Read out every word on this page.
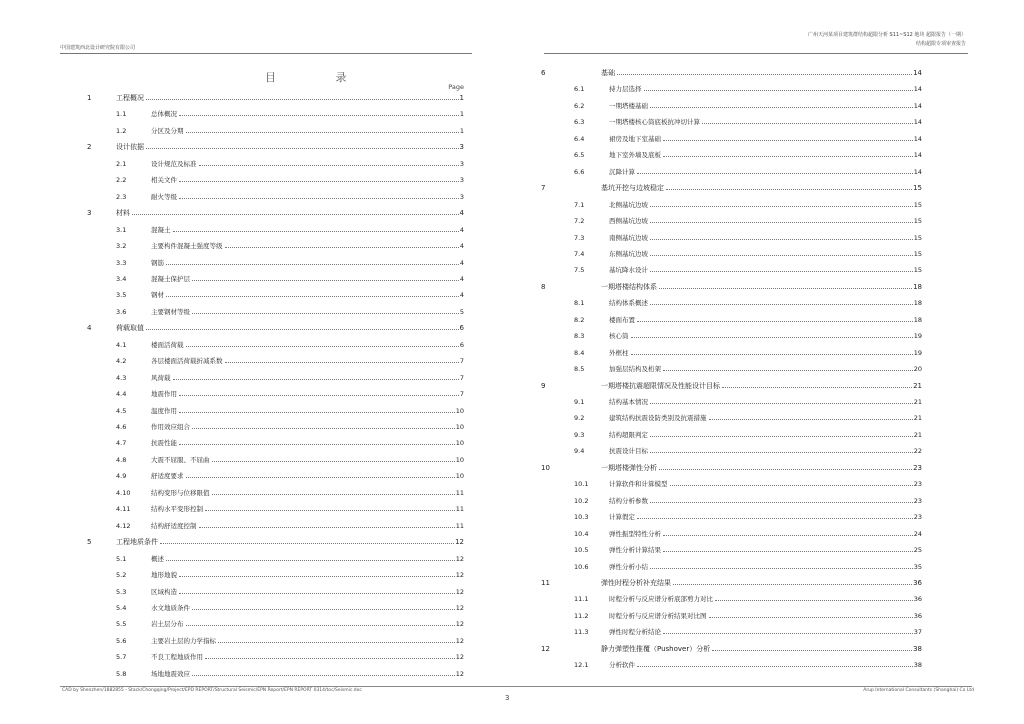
中国建筑西北设计研究院有限公司
广州天河某项目建筑群结构超限分析 S11~S12 地块 超限报告（一期）
结构超限专项审查报告
目 录
Page
1	工程概况	1
1.1	总体概况	1
1.2	分区及分期	1
2	设计依据	3
2.1	设计规范及标准	3
2.2	相关文件	3
2.3	耐火等级	3
3	材料	4
3.1	混凝土	4
3.2	主要构件混凝土强度等级	4
3.3	钢筋	4
3.4	混凝土保护层	4
3.5	钢材	4
3.6	主要钢材等级	5
4	荷载取值	6
4.1	楼面活荷载	6
4.2	各层楼面活荷载折减系数	7
4.3	风荷载	7
4.4	地震作用	7
4.5	温度作用	10
4.6	作用效应组合	10
4.7	抗震性能	10
4.8	大震不屈服、不屈曲	10
4.9	舒适度要求	10
4.10	结构变形与位移限值	11
4.11	结构水平变形控制	11
4.12	结构舒适度控制	11
5	工程地质条件	12
5.1	概述	12
5.2	地形地貌	12
5.3	区域构造	12
5.4	水文地质条件	12
5.5	岩土层分布	12
5.6	主要岩土层的力学指标	12
5.7	不良工程地质作用	12
5.8	场地地震效应	12
6	基础	14
6.1	持力层选择	14
6.2	一期塔楼基础	14
6.3	一期塔楼核心筒底板抗冲切计算	14
6.4	裙房及地下室基础	14
6.5	地下室外墙及底板	14
6.6	沉降计算	14
7	基坑开挖与边坡稳定	15
7.1	北侧基坑边坡	15
7.2	西侧基坑边坡	15
7.3	南侧基坑边坡	15
7.4	东侧基坑边坡	15
7.5	基坑降水设计	15
8	一期塔楼结构体系	18
8.1	结构体系概述	18
8.2	楼面布置	18
8.3	核心筒	19
8.4	外框柱	19
8.5	加强层结构及桁架	20
9	一期塔楼抗震超限情况及性能设计目标	21
9.1	结构基本情况	21
9.2	建筑结构抗震设防类别及抗震措施	21
9.3	结构超限判定	21
9.4	抗震设计目标	22
10	一期塔楼弹性分析	23
10.1	计算软件和计算模型	23
10.2	结构分析参数	23
10.3	计算假定	23
10.4	弹性振型特性分析	24
10.5	弹性分析计算结果	25
10.6	弹性分析小结	35
11	弹性时程分析补充结果	36
11.1	时程分析与反应谱分析底部剪力对比	36
11.2	时程分析与反应谱分析结果对比图	36
11.3	弹性时程分析结论	37
12	静力弹塑性推覆（Pushover）分析	38
12.1	分析软件	38
CAD by Shenzhen/1882855 - Stack/Chongqing/Project/EPD REPORT/Structural Seismic/EPN Report/EPN REPORT 0314/toc/Seismic.doc
3
Arup International Consultants (Shanghai) Co Ltd
